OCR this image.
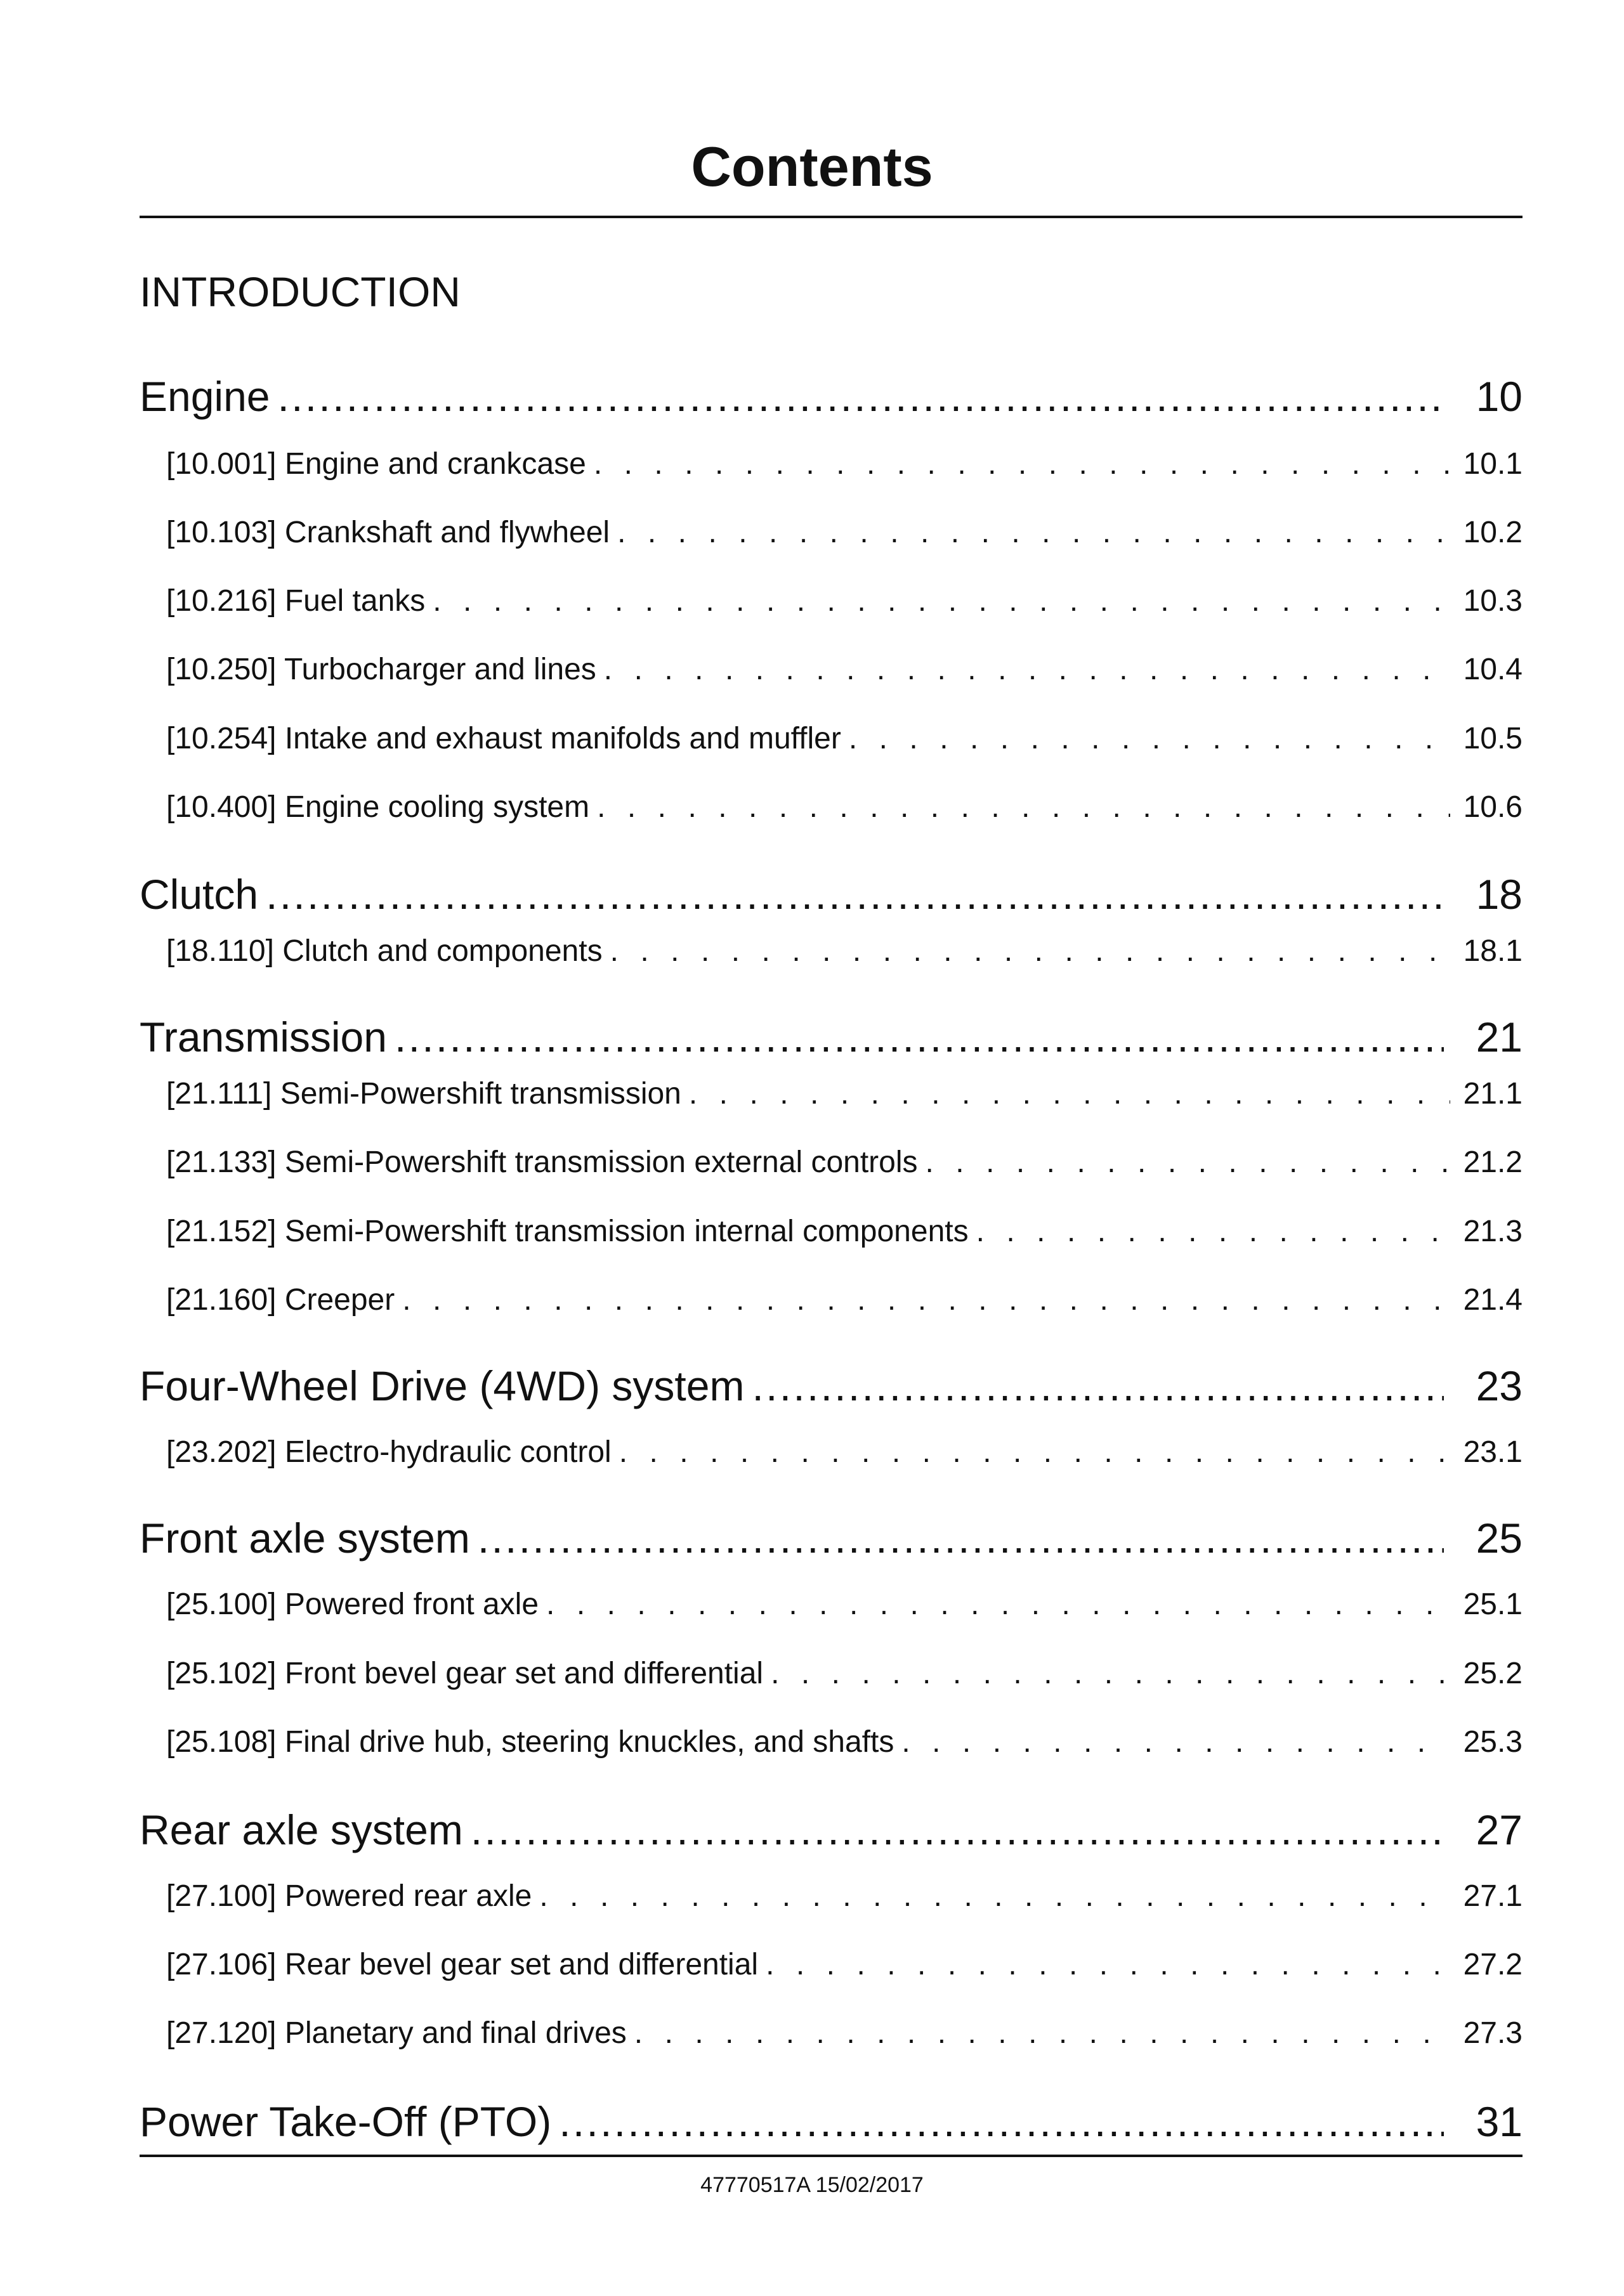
Contents
INTRODUCTION
Engine .....	10
[10.001] Engine and crankcase . . .	10.1
[10.103] Crankshaft and flywheel . . .	10.2
[10.216] Fuel tanks . . .	10.3
[10.250] Turbocharger and lines . . .	10.4
[10.254] Intake and exhaust manifolds and muffler . . .	10.5
[10.400] Engine cooling system . . .	10.6
Clutch .....	18
[18.110] Clutch and components . . .	18.1
Transmission .....	21
[21.111] Semi-Powershift transmission . . .	21.1
[21.133] Semi-Powershift transmission external controls . . .	21.2
[21.152] Semi-Powershift transmission internal components . . .	21.3
[21.160] Creeper . . .	21.4
Four-Wheel Drive (4WD) system .....	23
[23.202] Electro-hydraulic control . . .	23.1
Front axle system .....	25
[25.100] Powered front axle . . .	25.1
[25.102] Front bevel gear set and differential . . .	25.2
[25.108] Final drive hub, steering knuckles, and shafts . . .	25.3
Rear axle system .....	27
[27.100] Powered rear axle . . .	27.1
[27.106] Rear bevel gear set and differential . . .	27.2
[27.120] Planetary and final drives . . .	27.3
Power Take-Off (PTO) .....	31
47770517A 15/02/2017
